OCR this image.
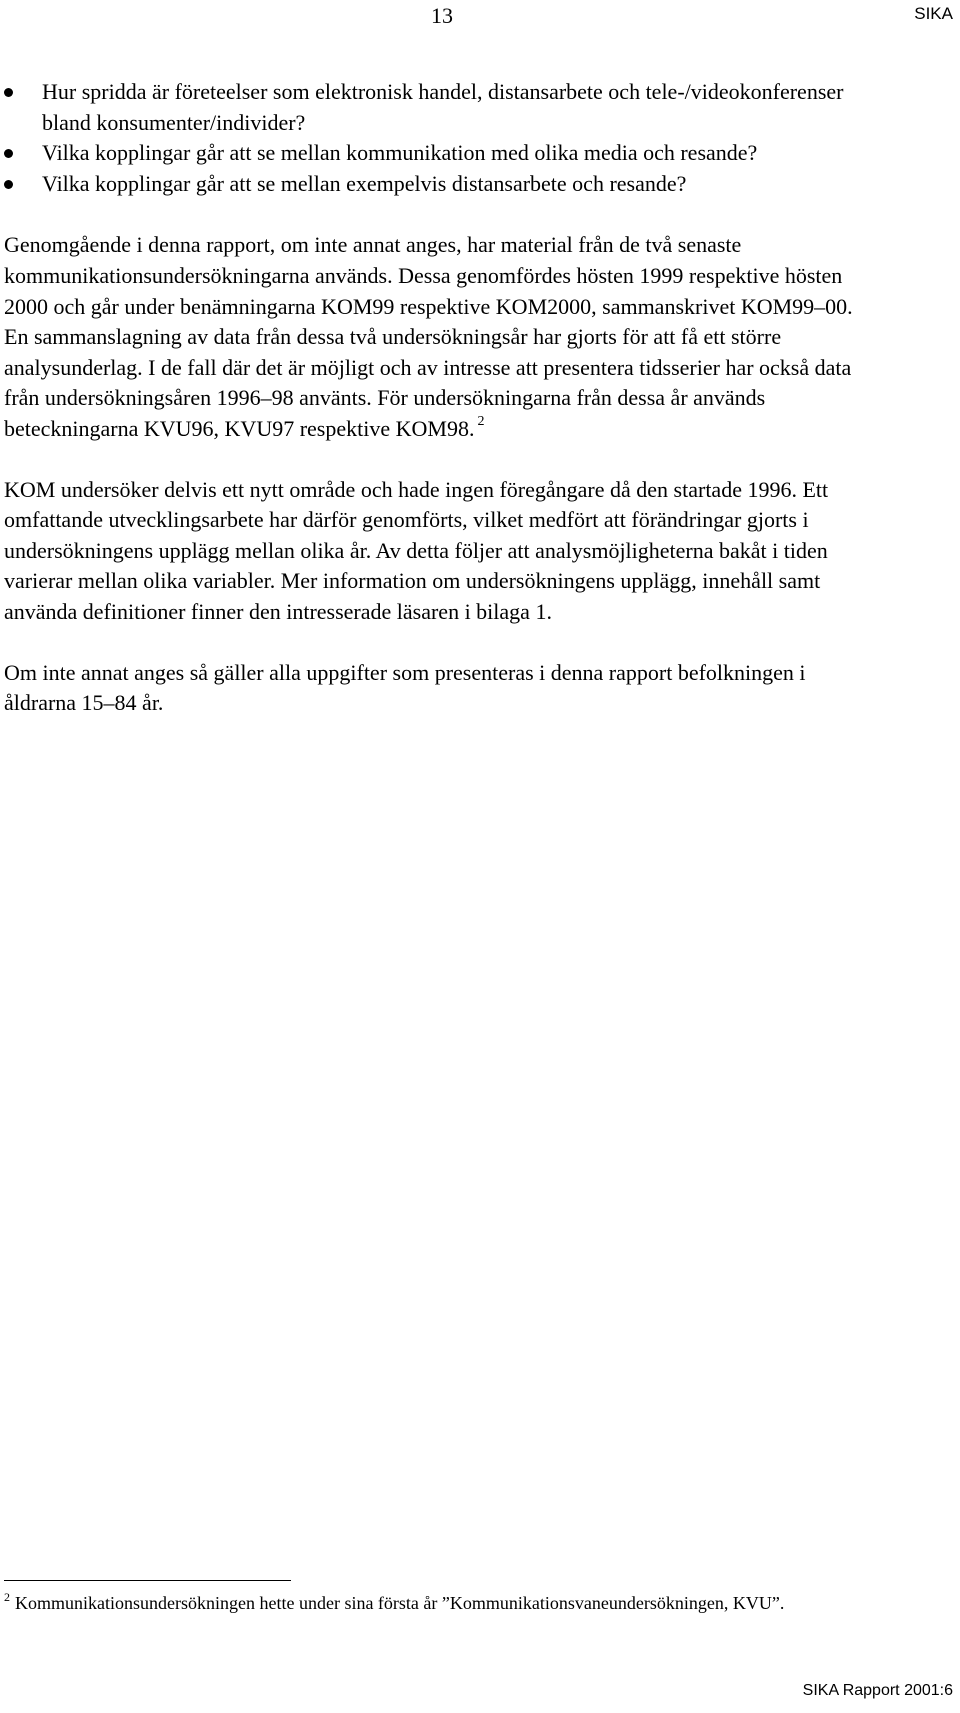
13	SIKA
Hur spridda är företeelser som elektronisk handel, distansarbete och tele-/videokonferenser bland konsumenter/individer?
Vilka kopplingar går att se mellan kommunikation med olika media och resande?
Vilka kopplingar går att se mellan exempelvis distansarbete och resande?

Genomgående i denna rapport, om inte annat anges, har material från de två senaste kommunikationsundersökningarna används. Dessa genomfördes hösten 1999 respektive hösten 2000 och går under benämningarna KOM99 respektive KOM2000, sammanskrivet KOM99–00. En sammanslagning av data från dessa två undersökningsår har gjorts för att få ett större analysunderlag. I de fall där det är möjligt och av intresse att presentera tidsserier har också data från undersökningsåren 1996–98 använts. För undersökningarna från dessa år används beteckningarna KVU96, KVU97 respektive KOM98. $^2$

KOM undersöker delvis ett nytt område och hade ingen föregångare då den startade 1996. Ett omfattande utvecklingsarbete har därför genomförts, vilket medfört att förändringar gjorts i undersökningens upplägg mellan olika år. Av detta följer att analysmöjligheterna bakåt i tiden varierar mellan olika variabler. Mer information om undersökningens upplägg, innehåll samt använda definitioner finner den intresserade läsaren i bilaga 1.

Om inte annat anges så gäller alla uppgifter som presenteras i denna rapport befolkningen i åldrarna 15–84 år.

$^2$ Kommunikationsundersökningen hette under sina första år ”Kommunikationsvaneundersökningen, KVU”.
SIKA Rapport 2001:6
